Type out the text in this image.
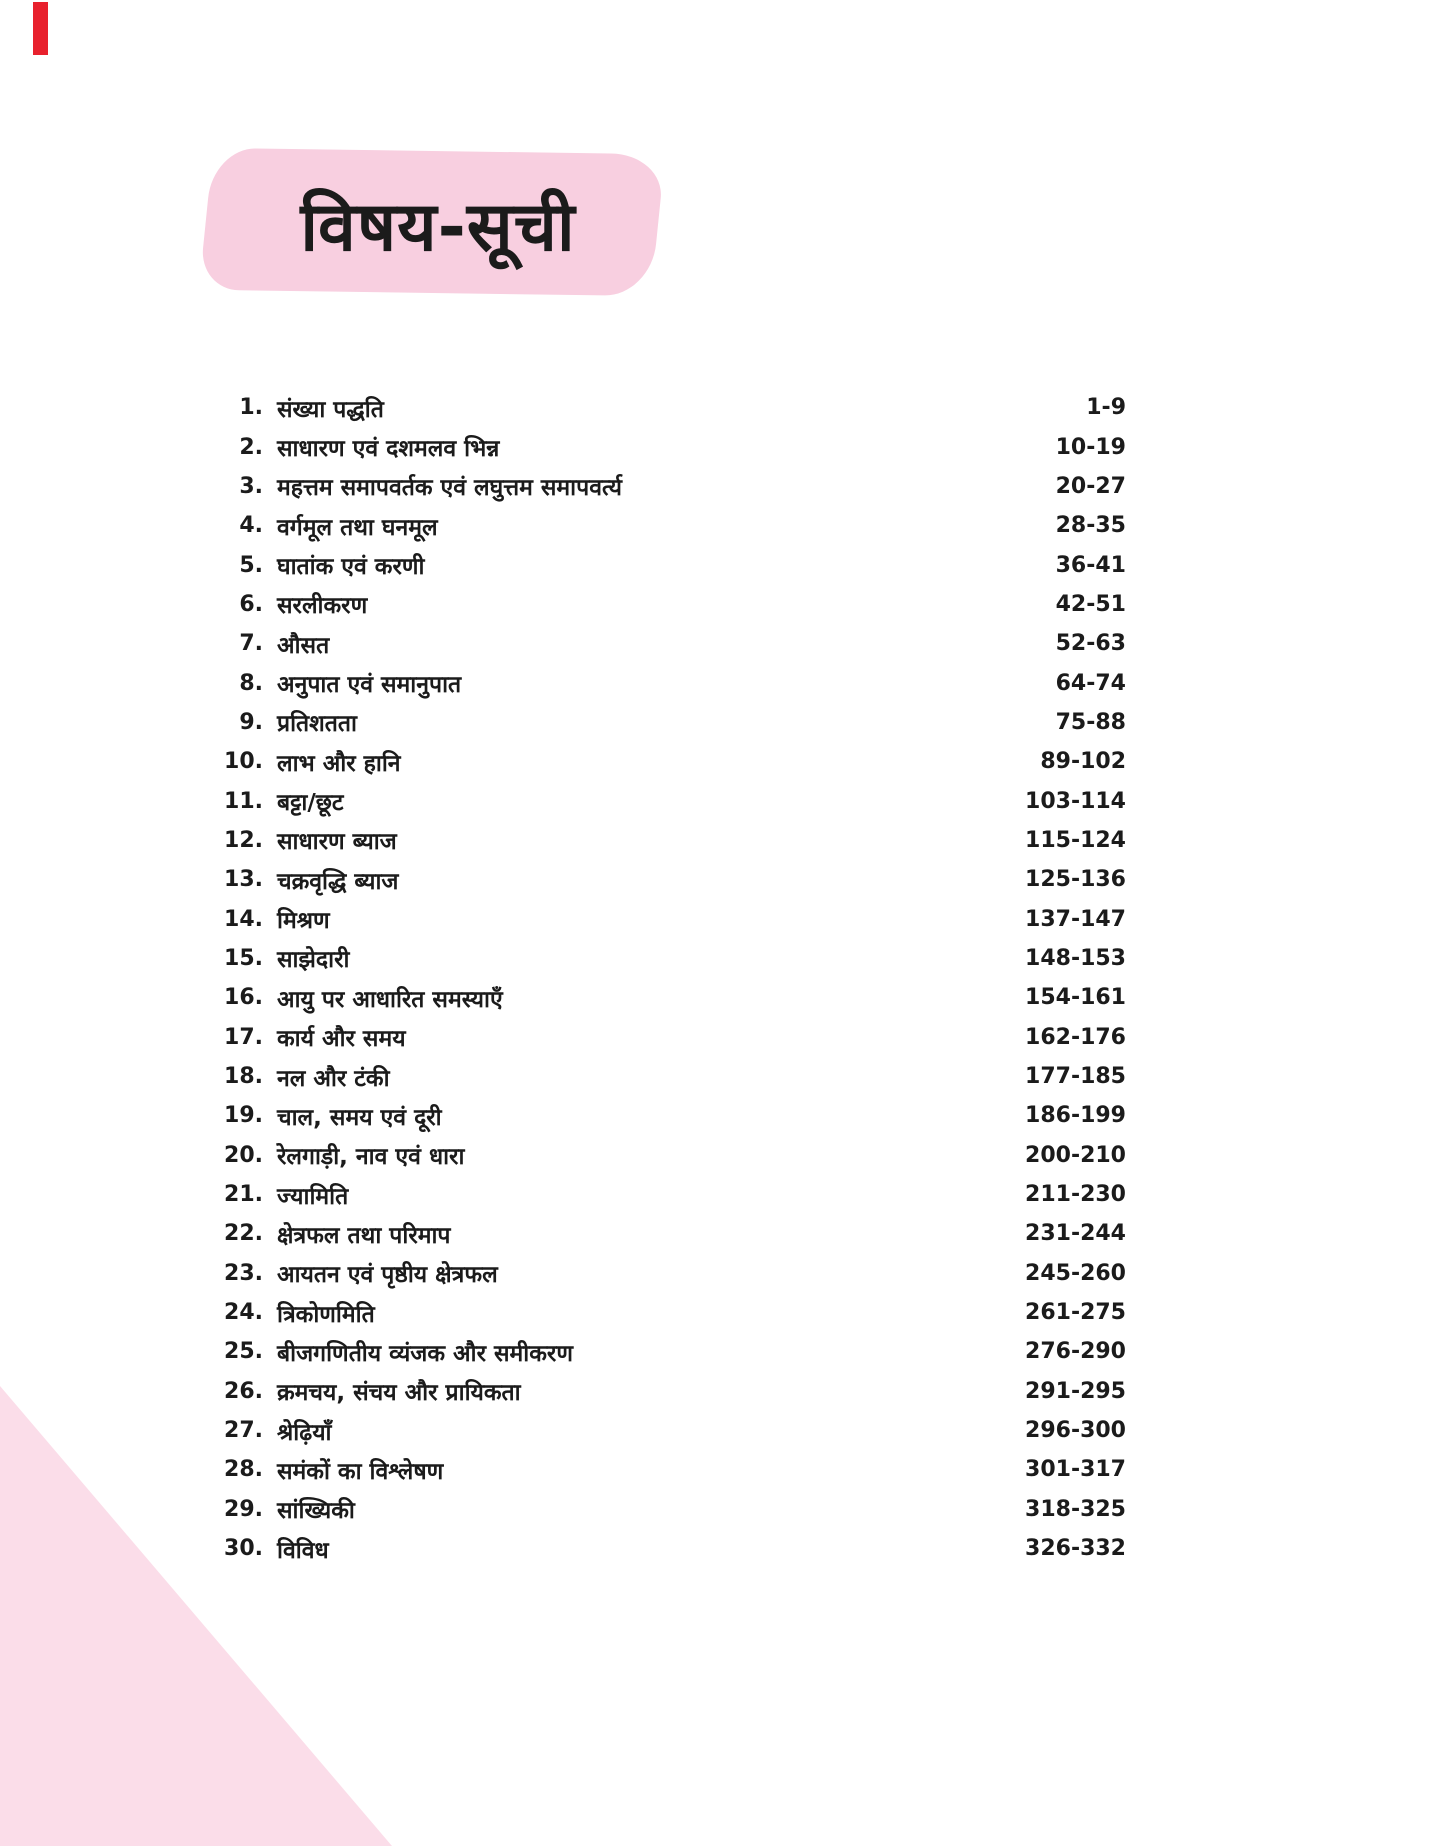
विषय-सूची
1. संख्या पद्धति	1-9
2. साधारण एवं दशमलव भिन्न	10-19
3. महत्तम समापवर्तक एवं लघुत्तम समापवर्त्य	20-27
4. वर्गमूल तथा घनमूल	28-35
5. घातांक एवं करणी	36-41
6. सरलीकरण	42-51
7. औसत	52-63
8. अनुपात एवं समानुपात	64-74
9. प्रतिशतता	75-88
10. लाभ और हानि	89-102
11. बट्टा/छूट	103-114
12. साधारण ब्याज	115-124
13. चक्रवृद्धि ब्याज	125-136
14. मिश्रण	137-147
15. साझेदारी	148-153
16. आयु पर आधारित समस्याएँ	154-161
17. कार्य और समय	162-176
18. नल और टंकी	177-185
19. चाल, समय एवं दूरी	186-199
20. रेलगाड़ी, नाव एवं धारा	200-210
21. ज्यामिति	211-230
22. क्षेत्रफल तथा परिमाप	231-244
23. आयतन एवं पृष्ठीय क्षेत्रफल	245-260
24. त्रिकोणमिति	261-275
25. बीजगणितीय व्यंजक और समीकरण	276-290
26. क्रमचय, संचय और प्रायिकता	291-295
27. श्रेढ़ियाँ	296-300
28. समंकों का विश्लेषण	301-317
29. सांख्यिकी	318-325
30. विविध	326-332
